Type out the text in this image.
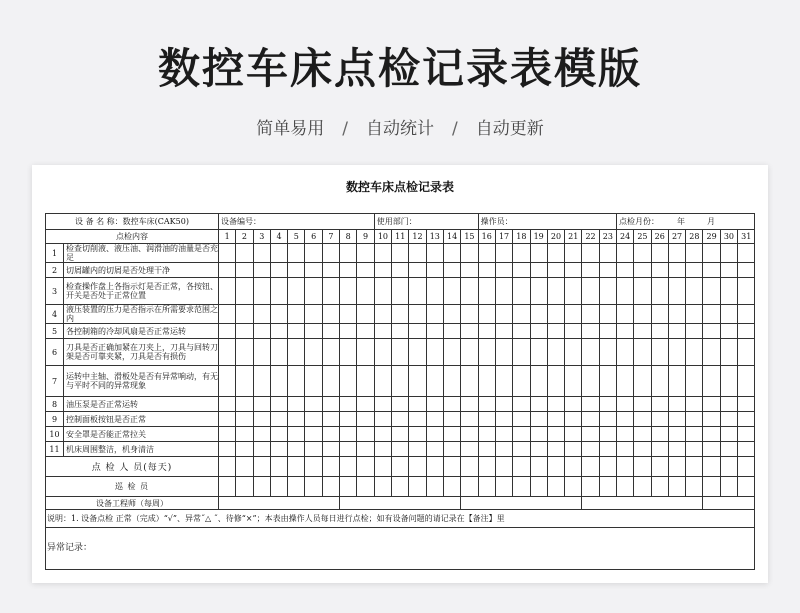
数控车床点检记录表模版
简单易用 / 自动统计 / 自动更新
数控车床点检记录表
设 备 名 称：数控车床(CAK50)		设备编号：									使用部门：						操作员：								点检月份： 年 月							
点检内容		1	2	3	4	5	6	7	8	9	10	11	12	13	14	15	16	17	18	19	20	21	22	23	24	25	26	27	28	29	30	31
1	检查切削液、液压油、润滑油的油量是否充足																															
2	切屑罐内的切屑是否处理干净																															
3	检查操作盘上各指示灯是否正常，各按钮、开关是否处于正常位置																															
4	液压装置的压力是否指示在所需要求范围之内																															
5	各控制箱的冷却风扇是否正常运转																															
6	刀具是否正确加紧在刀夹上，刀具与回转刀架是否可靠夹紧，刀具是否有损伤																															
7	运转中主轴、滑板处是否有异常响动，有无与平时不同的异常现象																															
8	油压泵是否正常运转																															
9	控制面板按钮是否正常																															
10	安全罩是否能正常拉关																															
11	机床周围整洁，机身清洁																															
点 检 人 员(每天)																																
巡 检 员																																
设备工程师（每周）																																
说明：1. 设备点检 正常（完成）“√”、异常˝△ ˝、待修“×”；本表由操作人员每日进行点检；如有设备问题的请记录在【备注】里																																
异常记录：																																
